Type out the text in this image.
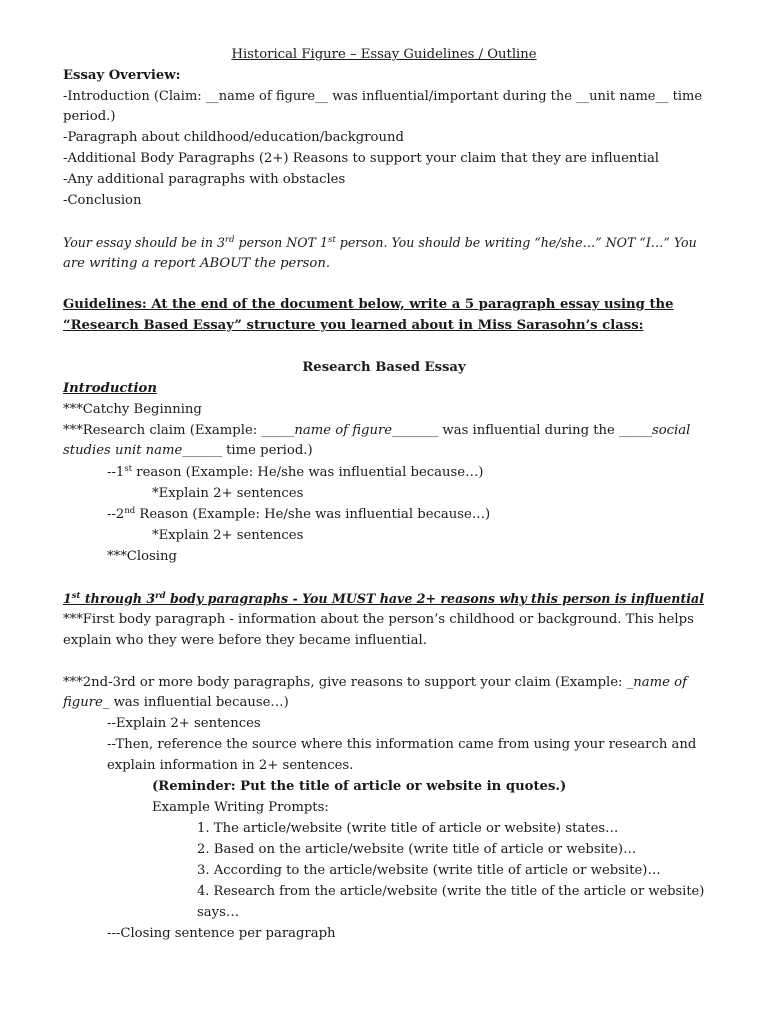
Historical Figure – Essay Guidelines / Outline
Essay Overview:
-Introduction (Claim: __name of figure__ was influential/important during the __unit name__ time
period.)
-Paragraph about childhood/education/background
-Additional Body Paragraphs (2+) Reasons to support your claim that they are influential
-Any additional paragraphs with obstacles
-Conclusion
Your essay should be in 3rd person NOT 1st person. You should be writing “he/she…” NOT “I…” You
are writing a report ABOUT the person.
Guidelines: At the end of the document below, write a 5 paragraph essay using the
“Research Based Essay” structure you learned about in Miss Sarasohn’s class:
Research Based Essay
Introduction
***Catchy Beginning
***Research claim (Example: _____name of figure_______ was influential during the _____social
studies unit name______ time period.)
--1st reason (Example: He/she was influential because…)
*Explain 2+ sentences
--2nd Reason (Example: He/she was influential because…)
*Explain 2+ sentences
***Closing
1st through 3rd body paragraphs - You MUST have 2+ reasons why this person is influential
***First body paragraph - information about the person’s childhood or background. This helps
explain who they were before they became influential.
***2nd-3rd or more body paragraphs, give reasons to support your claim (Example: _name of
figure_ was influential because…)
--Explain 2+ sentences
--Then, reference the source where this information came from using your research and
explain information in 2+ sentences.
(Reminder: Put the title of article or website in quotes.)
Example Writing Prompts:
1. The article/website (write title of article or website) states…
2. Based on the article/website (write title of article or website)…
3. According to the article/website (write title of article or website)…
4. Research from the article/website (write the title of the article or website)
says…
---Closing sentence per paragraph
